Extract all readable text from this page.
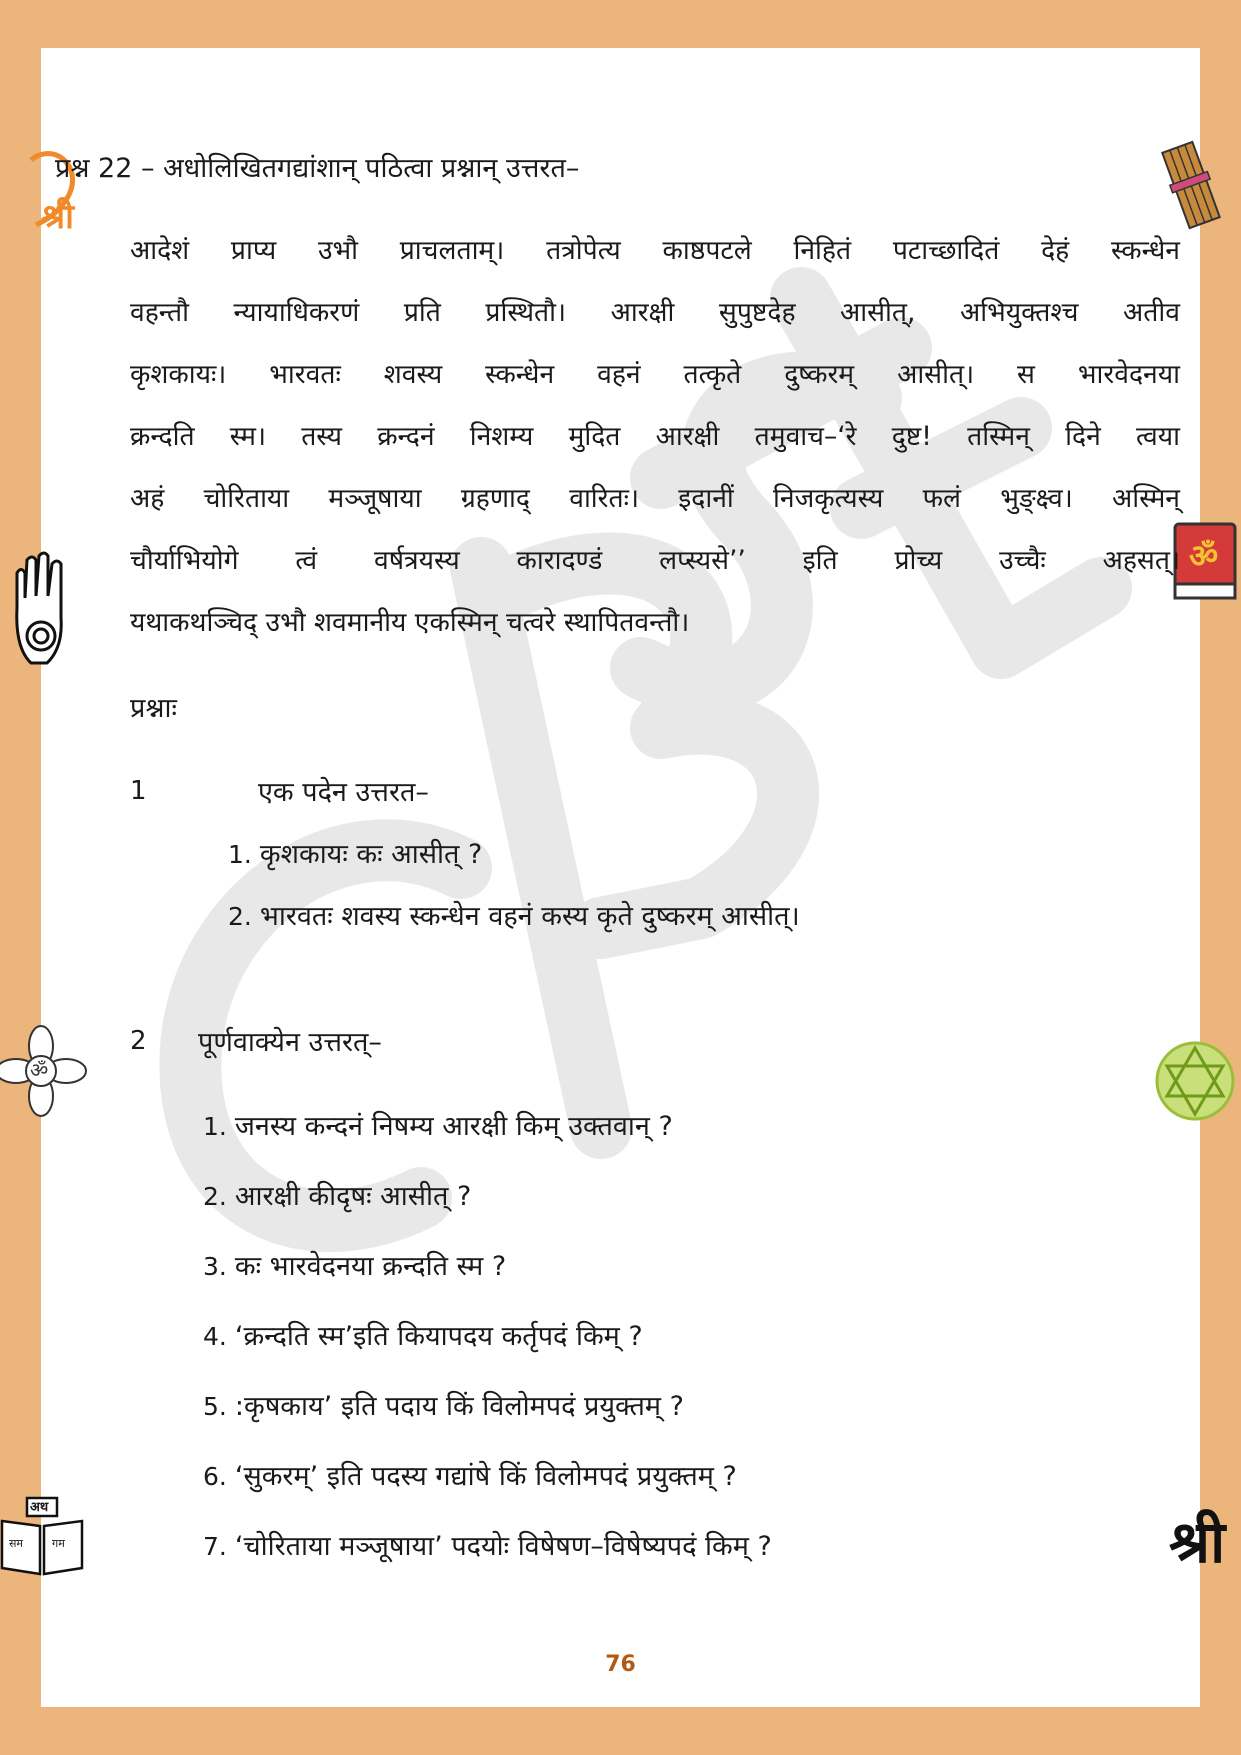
श्री
ॐ
अथ
सम	गम
ॐ
श्री
प्रश्न 22 – अधोलिखितगद्यांशान् पठित्वा प्रश्नान् उत्तरत–
आदेशं प्राप्य उभौ प्राचलताम्। तत्रोपेत्य काष्ठपटले निहितं पटाच्छादितं देहं स्कन्धेन
वहन्तौ न्यायाधिकरणं प्रति प्रस्थितौ। आरक्षी सुपुष्टदेह आसीत्, अभियुक्तश्च अतीव
कृशकायः। भारवतः शवस्य स्कन्धेन वहनं तत्कृते दुष्करम् आसीत्। स भारवेदनया
क्रन्दति स्म। तस्य क्रन्दनं निशम्य मुदित आरक्षी तमुवाच–‘रे दुष्ट! तस्मिन् दिने त्वया
अहं चोरिताया मञ्जूषाया ग्रहणाद् वारितः। इदानीं निजकृत्यस्य फलं भुङ्क्ष्व। अस्मिन्
चौर्याभियोगे त्वं वर्षत्रयस्य कारादण्डं लप्स्यसे’’ इति प्रोच्य उच्चैः अहसत्।
यथाकथञ्चिद् उभौ शवमानीय एकस्मिन् चत्वरे स्थापितवन्तौ।
प्रश्नाः
1	एक पदेन उत्तरत–
1. कृशकायः कः आसीत् ?
2. भारवतः शवस्य स्कन्धेन वहनं कस्य कृते दुष्करम् आसीत्।
2 पूर्णवाक्येन उत्तरत्–
1. जनस्य कन्दनं निषम्य आरक्षी किम् उक्तवान् ?
2. आरक्षी कीदृषः आसीत् ?
3. कः भारवेदनया क्रन्दति स्म ?
4. ‘क्रन्दति स्म’इति कियापदय कर्तृपदं किम् ?
5. :कृषकाय’ इति पदाय किं विलोमपदं प्रयुक्तम् ?
6. ‘सुकरम्’ इति पदस्य गद्यांषे किं विलोमपदं प्रयुक्तम् ?
7. ‘चोरिताया मञ्जूषाया’ पदयोः विषेषण–विषेष्यपदं किम् ?
76
